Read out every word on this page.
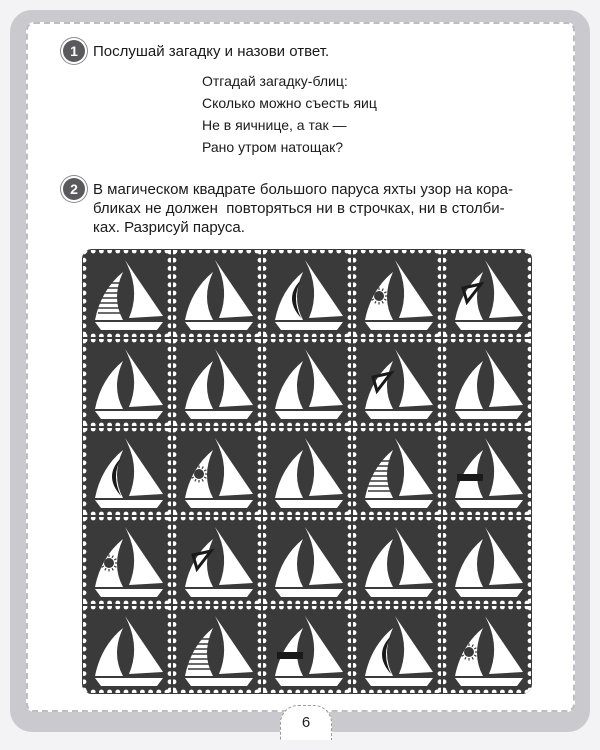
1	Послушай загадку и назови ответ.
Отгадай загадку-блиц:
Сколько можно съесть яиц
Не в яичнице, а так —
Рано утром натощак?
2	В магическом квадрате большого паруса яхты узор на кора-
бликах не должен  повторяться ни в строчках, ни в столби-
ках. Разрисуй паруса.
6
